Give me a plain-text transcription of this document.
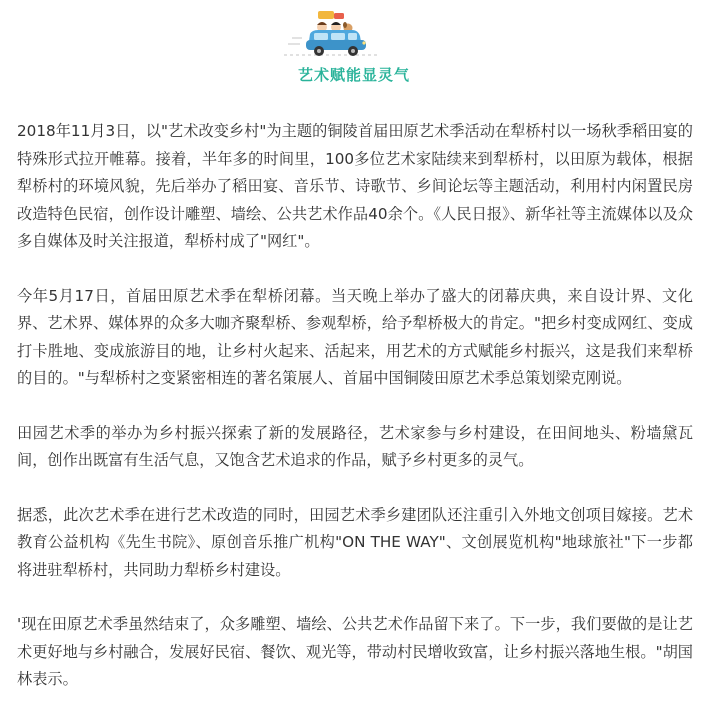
艺术赋能显灵气

2018年11月3日，以"艺术改变乡村"为主题的铜陵首届田原艺术季活动在犁桥村以一场秋季稻田宴的特殊形式拉开帷幕。接着，半年多的时间里，100多位艺术家陆续来到犁桥村，以田原为载体，根据犁桥村的环境风貌，先后举办了稻田宴、音乐节、诗歌节、乡间论坛等主题活动，利用村内闲置民房改造特色民宿，创作设计雕塑、墙绘、公共艺术作品40余个。《人民日报》、新华社等主流媒体以及众多自媒体及时关注报道，犁桥村成了"网红"。

今年5月17日，首届田原艺术季在犁桥闭幕。当天晚上举办了盛大的闭幕庆典，来自设计界、文化界、艺术界、媒体界的众多大咖齐聚犁桥、参观犁桥，给予犁桥极大的肯定。"把乡村变成网红、变成打卡胜地、变成旅游目的地，让乡村火起来、活起来，用艺术的方式赋能乡村振兴，这是我们来犁桥的目的。"与犁桥村之变紧密相连的著名策展人、首届中国铜陵田原艺术季总策划梁克刚说。

田园艺术季的举办为乡村振兴探索了新的发展路径，艺术家参与乡村建设，在田间地头、粉墙黛瓦间，创作出既富有生活气息，又饱含艺术追求的作品，赋予乡村更多的灵气。

据悉，此次艺术季在进行艺术改造的同时，田园艺术季乡建团队还注重引入外地文创项目嫁接。艺术教育公益机构《先生书院》、原创音乐推广机构"ON THE WAY"、文创展览机构"地球旅社"下一步都将进驻犁桥村，共同助力犁桥乡村建设。

'现在田原艺术季虽然结束了，众多雕塑、墙绘、公共艺术作品留下来了。下一步，我们要做的是让艺术更好地与乡村融合，发展好民宿、餐饮、观光等，带动村民增收致富，让乡村振兴落地生根。"胡国林表示。
